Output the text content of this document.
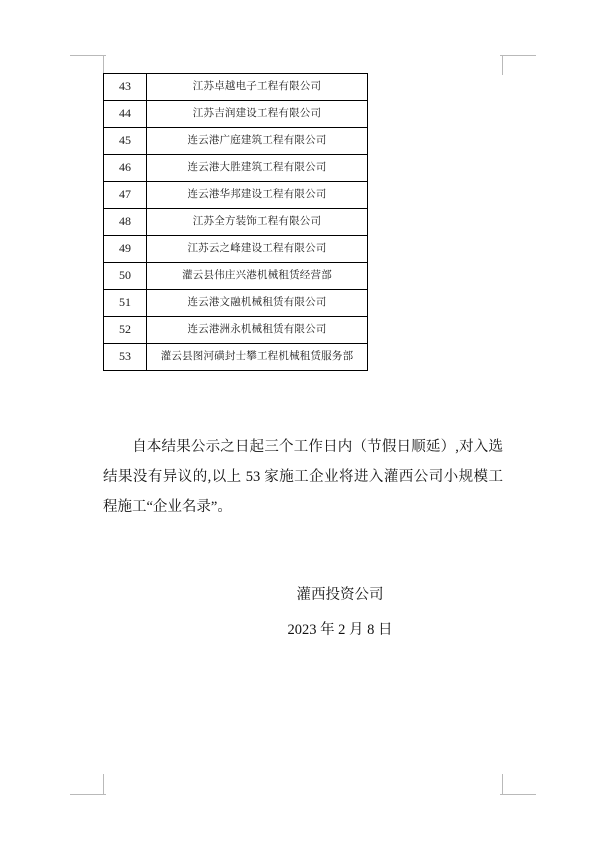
43	江苏卓越电子工程有限公司
44	江苏吉润建设工程有限公司
45	连云港广庭建筑工程有限公司
46	连云港大胜建筑工程有限公司
47	连云港华邦建设工程有限公司
48	江苏全方装饰工程有限公司
49	江苏云之峰建设工程有限公司
50	灌云县伟庄兴港机械租赁经营部
51	连云港文融机械租赁有限公司
52	连云港洲永机械租赁有限公司
53	灌云县图河磺封士攀工程机械租赁服务部
自本结果公示之日起三个工作日内（节假日顺延）,对入选结果没有异议的,以上 53 家施工企业将进入灌西公司小规模工程施工“企业名录”。
灌西投资公司
2023 年 2 月 8 日
